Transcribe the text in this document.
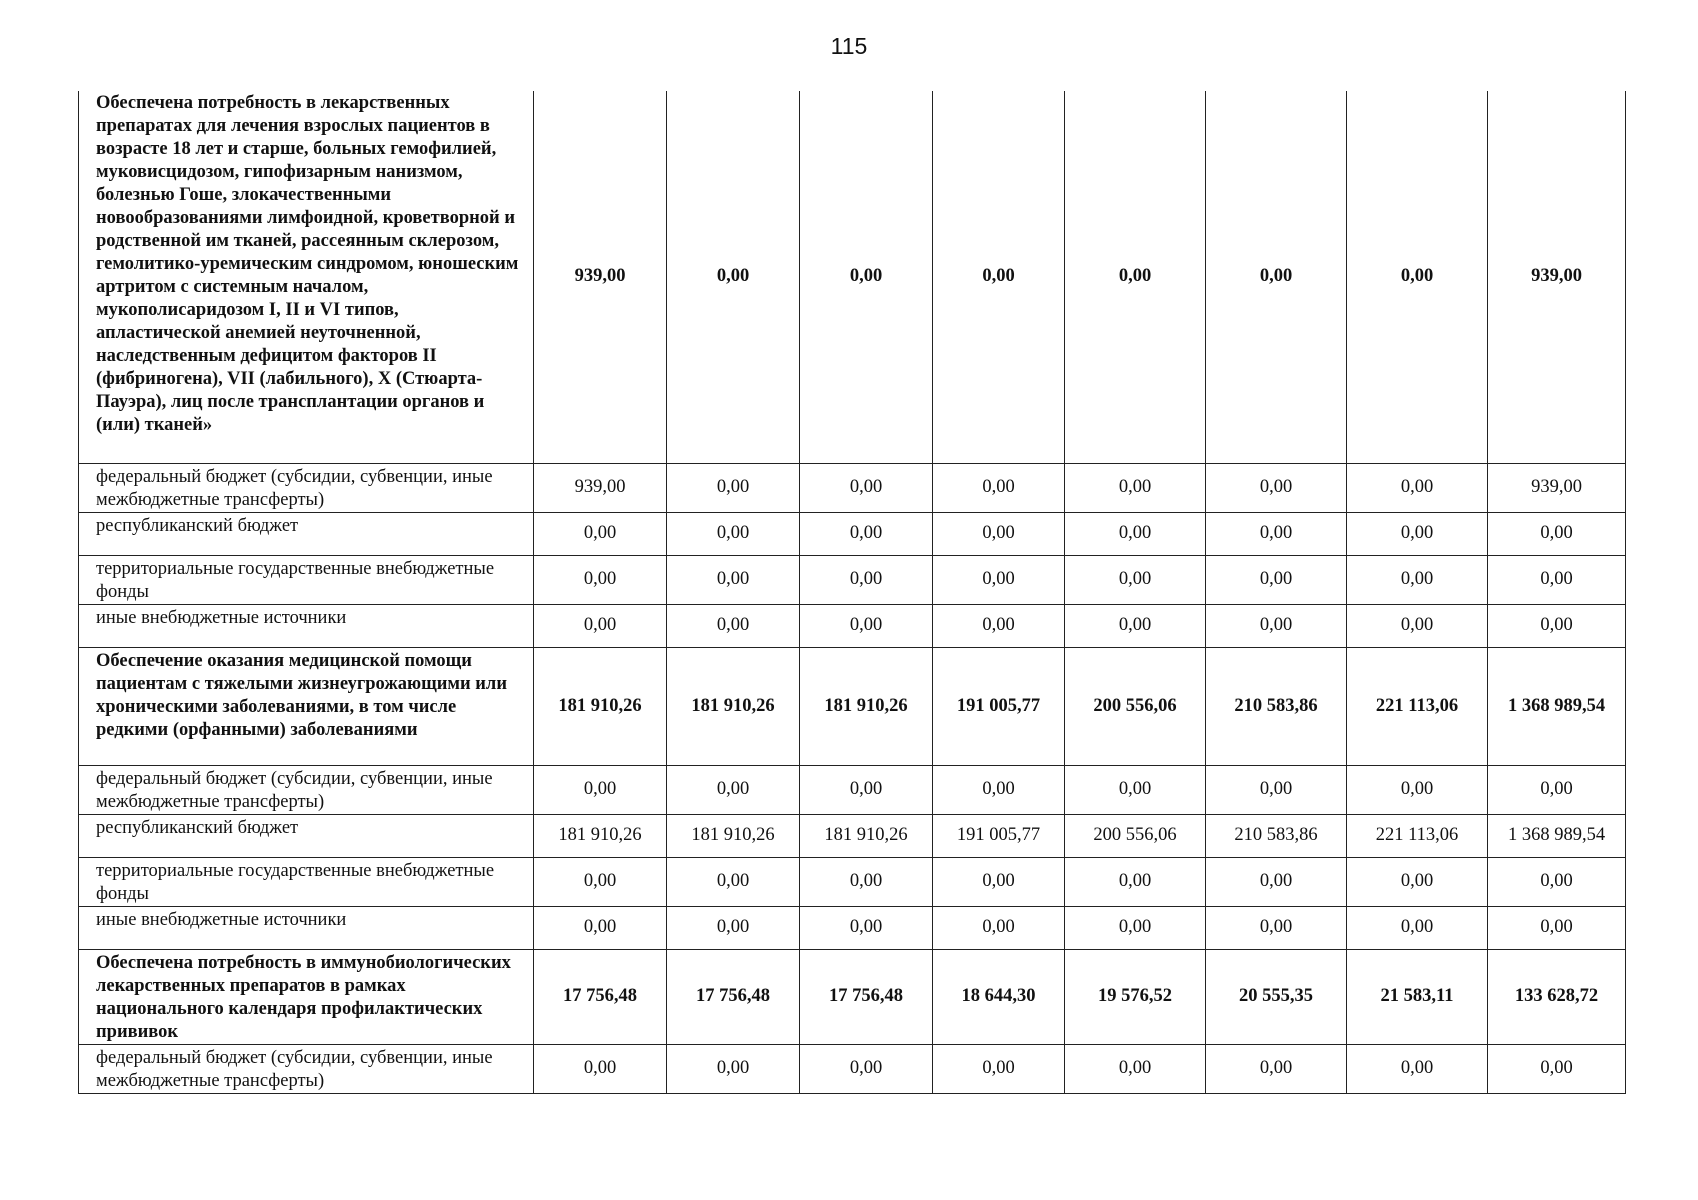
115
Обеспечена потребность в лекарственных препаратах для лечения взрослых пациентов в возрасте 18 лет и старше, больных гемофилией, муковисцидозом, гипофизарным нанизмом, болезнью Гоше, злокачественными новообразованиями лимфоидной, кроветворной и родственной им тканей, рассеянным склерозом, гемолитико-уремическим синдромом, юношеским артритом с системным началом, мукополисаридозом I, II и VI типов, апластической анемией неуточненной, наследственным дефицитом факторов II (фибриногена), VII (лабильного), X (Стюарта-Пауэра), лиц после трансплантации органов и (или) тканей»	939,00	0,00	0,00	0,00	0,00	0,00	0,00	939,00
федеральный бюджет (субсидии, субвенции, иные межбюджетные трансферты)	939,00	0,00	0,00	0,00	0,00	0,00	0,00	939,00
республиканский бюджет	0,00	0,00	0,00	0,00	0,00	0,00	0,00	0,00
территориальные государственные внебюджетные фонды	0,00	0,00	0,00	0,00	0,00	0,00	0,00	0,00
иные внебюджетные источники	0,00	0,00	0,00	0,00	0,00	0,00	0,00	0,00
Обеспечение оказания медицинской помощи пациентам с тяжелыми жизнеугрожающими или хроническими заболеваниями, в том числе редкими (орфанными) заболеваниями	181 910,26	181 910,26	181 910,26	191 005,77	200 556,06	210 583,86	221 113,06	1 368 989,54
федеральный бюджет (субсидии, субвенции, иные межбюджетные трансферты)	0,00	0,00	0,00	0,00	0,00	0,00	0,00	0,00
республиканский бюджет	181 910,26	181 910,26	181 910,26	191 005,77	200 556,06	210 583,86	221 113,06	1 368 989,54
территориальные государственные внебюджетные фонды	0,00	0,00	0,00	0,00	0,00	0,00	0,00	0,00
иные внебюджетные источники	0,00	0,00	0,00	0,00	0,00	0,00	0,00	0,00
Обеспечена потребность в иммунобиологических лекарственных препаратов в рамках национального календаря профилактических прививок	17 756,48	17 756,48	17 756,48	18 644,30	19 576,52	20 555,35	21 583,11	133 628,72
федеральный бюджет (субсидии, субвенции, иные межбюджетные трансферты)	0,00	0,00	0,00	0,00	0,00	0,00	0,00	0,00
